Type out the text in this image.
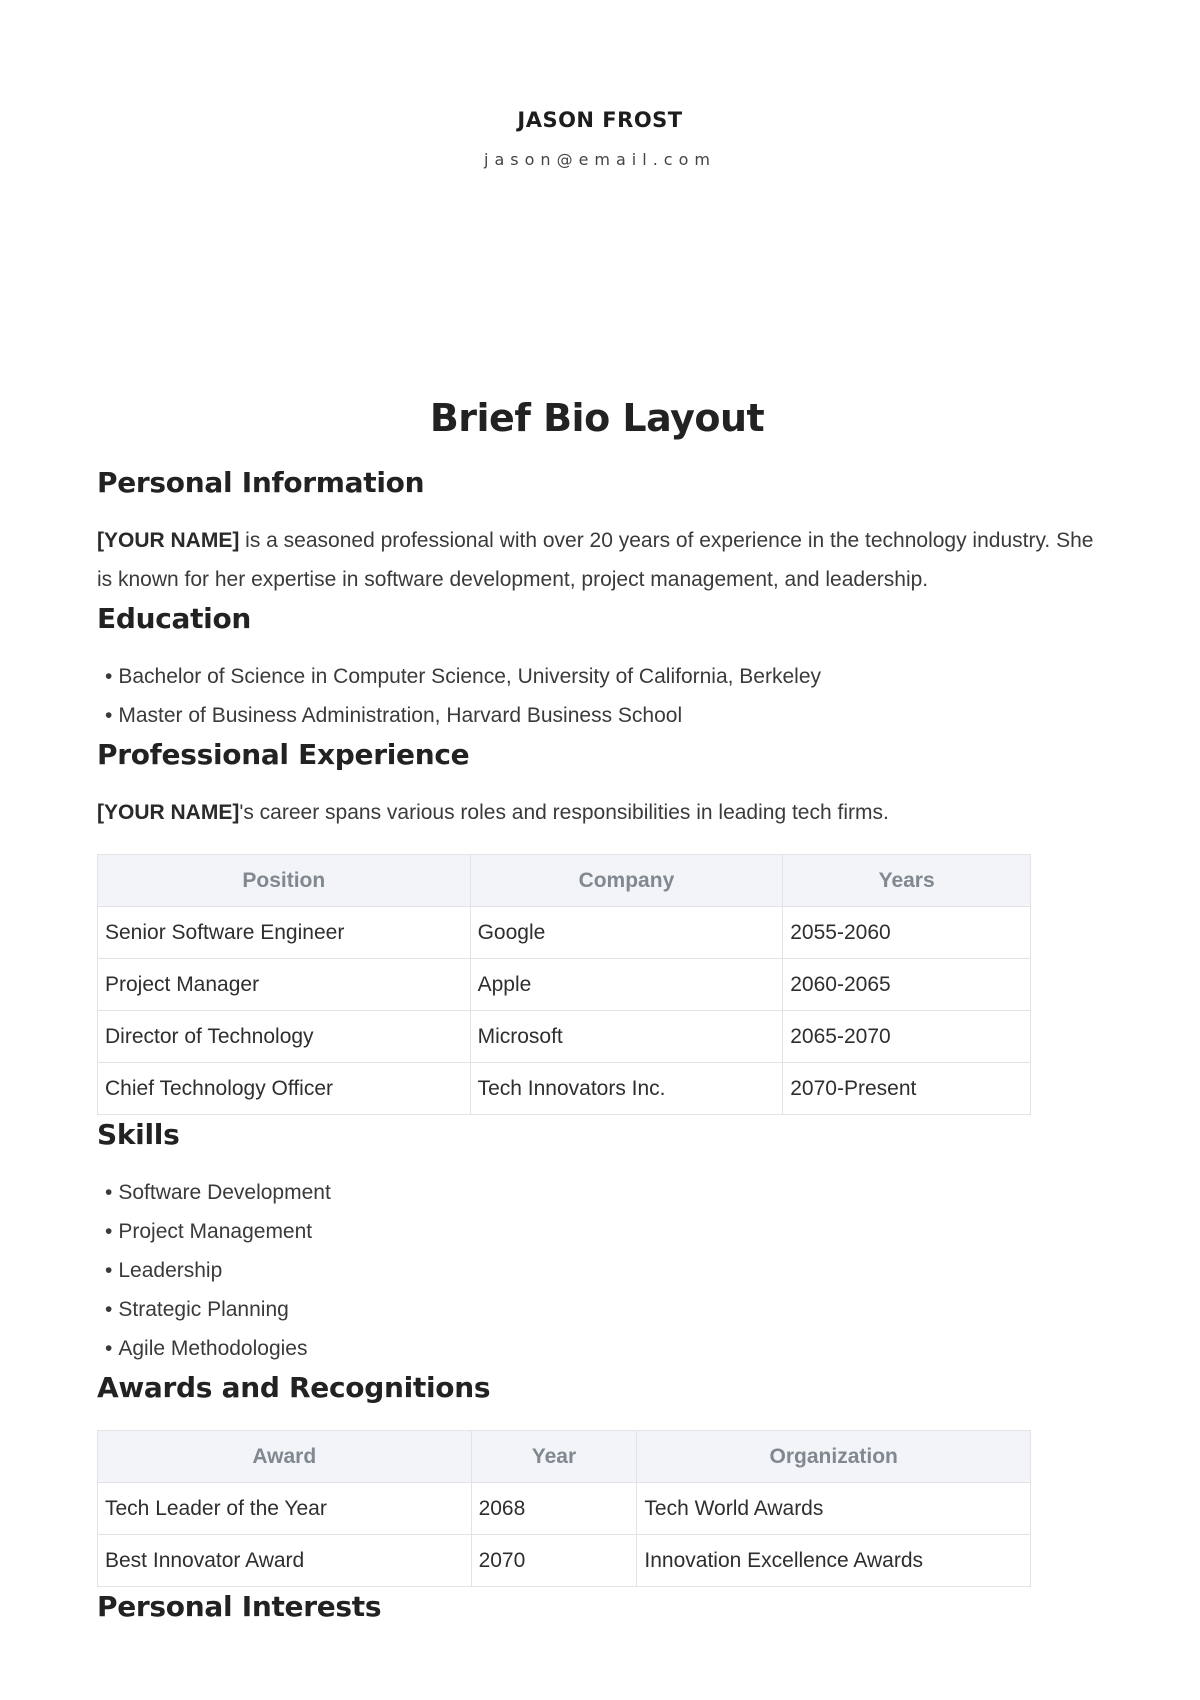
JASON FROST
jason@email.com
Brief Bio Layout
Personal Information

[YOUR NAME] is a seasoned professional with over 20 years of experience in the technology industry. She is known for her expertise in software development, project management, and leadership.

Education
• Bachelor of Science in Computer Science, University of California, Berkeley
• Master of Business Administration, Harvard Business School
Professional Experience

[YOUR NAME]'s career spans various roles and responsibilities in leading tech firms.

Position	Company	Years
Senior Software Engineer	Google	2055-2060
Project Manager	Apple	2060-2065
Director of Technology	Microsoft	2065-2070
Chief Technology Officer	Tech Innovators Inc.	2070-Present
Skills
• Software Development
• Project Management
• Leadership
• Strategic Planning
• Agile Methodologies
Awards and Recognitions
Award	Year	Organization
Tech Leader of the Year	2068	Tech World Awards
Best Innovator Award	2070	Innovation Excellence Awards
Personal Interests
